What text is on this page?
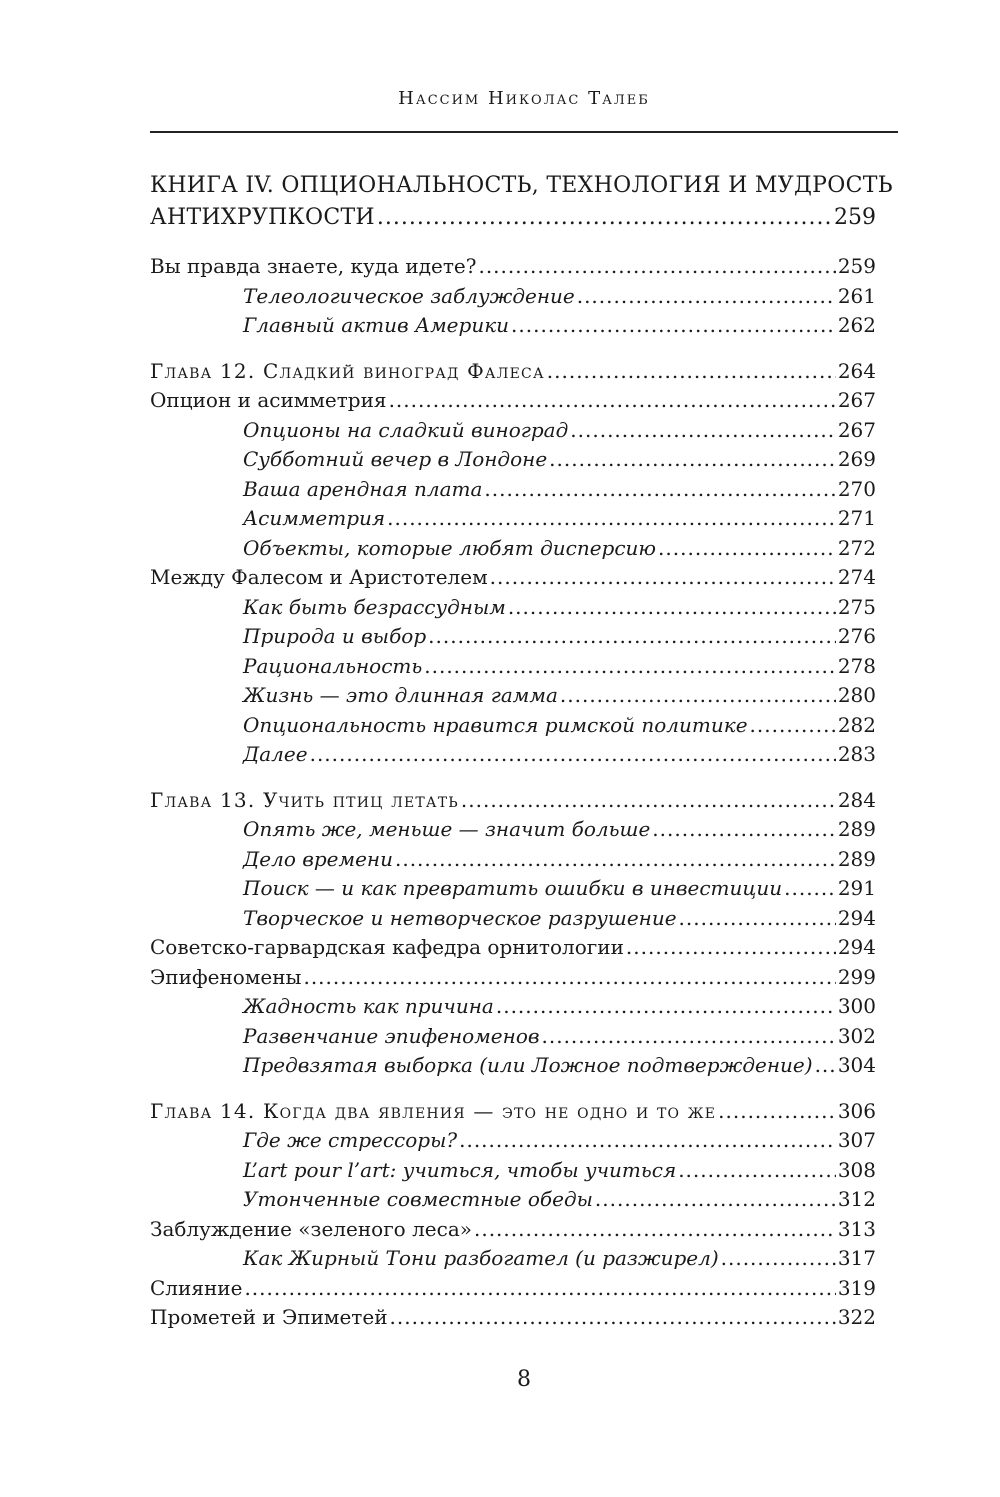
Нассим Николас Талеб
КНИГА IV. ОПЦИОНАЛЬНОСТЬ, ТЕХНОЛОГИЯ И МУДРОСТЬ
АНТИХРУПКОСТИ .....	259
Вы правда знаете, куда идете? .....	259
Телеологическое заблуждение .....	261
Главный актив Америки .....	262
Глава 12. Сладкий виноград Фалеса .....	264
Опцион и асимметрия .....	267
Опционы на сладкий виноград .....	267
Субботний вечер в Лондоне .....	269
Ваша арендная плата .....	270
Асимметрия .....	271
Объекты, которые любят дисперсию .....	272
Между Фалесом и Аристотелем .....	274
Как быть безрассудным .....	275
Природа и выбор .....	276
Рациональность .....	278
Жизнь — это длинная гамма .....	280
Опциональность нравится римской политике .....	282
Далее .....	283
Глава 13. Учить птиц летать .....	284
Опять же, меньше — значит больше .....	289
Дело времени .....	289
Поиск — и как превратить ошибки в инвестиции .....	291
Творческое и нетворческое разрушение .....	294
Советско-гарвардская кафедра орнитологии .....	294
Эпифеномены .....	299
Жадность как причина .....	300
Развенчание эпифеноменов .....	302
Предвзятая выборка (или Ложное подтверждение) ..... 304
Глава 14. Когда два явления — это не одно и то же .....	306
Где же стрессоры? .....	307
L’art pour l’art: учиться, чтобы учиться .....	308
Утонченные совместные обеды .....	312
Заблуждение «зеленого леса» .....	313
Как Жирный Тони разбогател (и разжирел) .....	317
Слияние .....	319
Прометей и Эпиметей .....	322
8
